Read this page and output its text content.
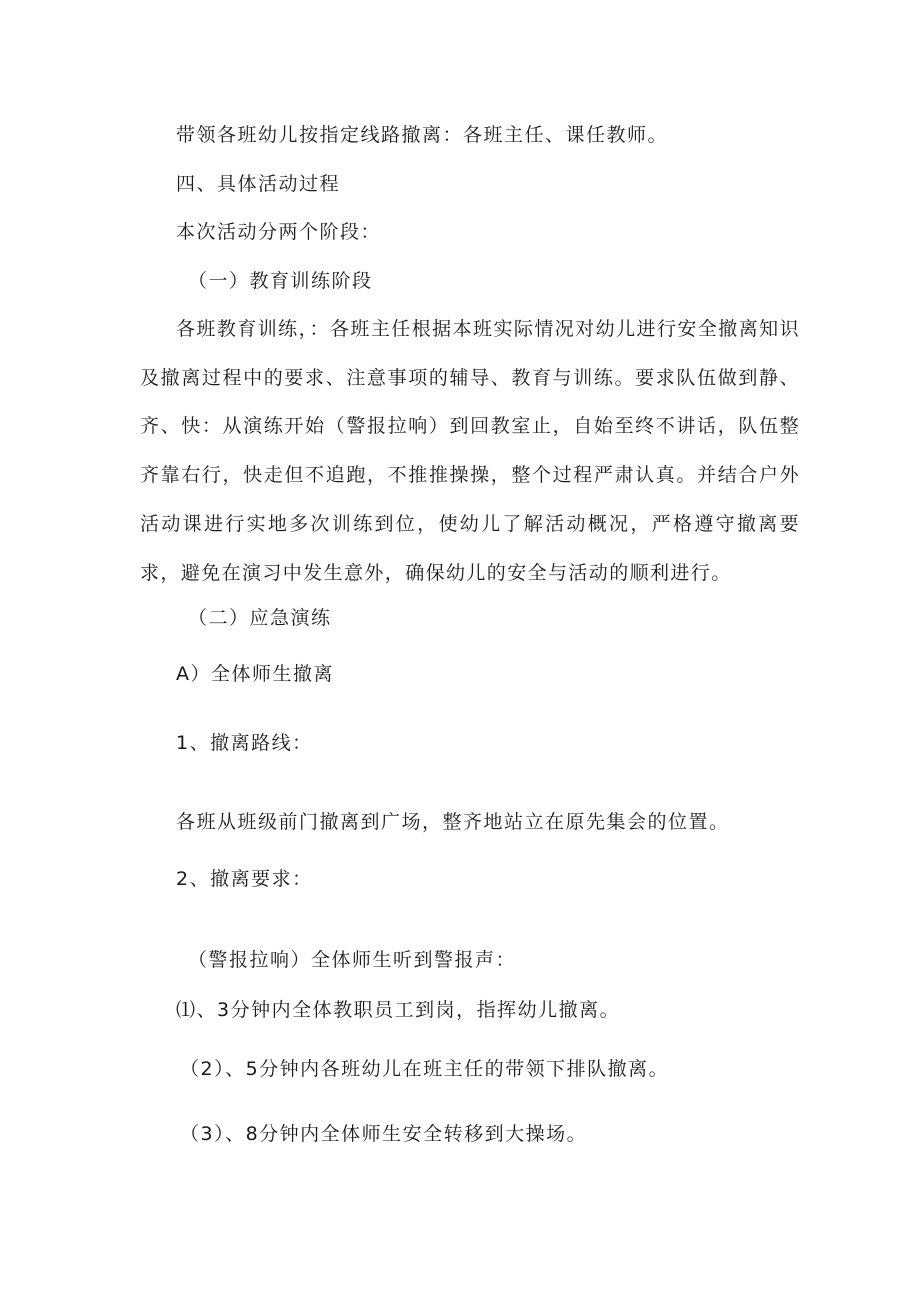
带领各班幼儿按指定线路撤离：各班主任、课任教师。
四、具体活动过程
本次活动分两个阶段：
（一）教育训练阶段
各班教育训练，：各班主任根据本班实际情况对幼儿进行安全撤离知识及撤离过程中的要求、注意事项的辅导、教育与训练。要求队伍做到静、齐、快：从演练开始（警报拉响）到回教室止，自始至终不讲话，队伍整齐靠右行，快走但不追跑，不推推操操，整个过程严肃认真。并结合户外活动课进行实地多次训练到位，使幼儿了解活动概况，严格遵守撤离要求，避免在演习中发生意外，确保幼儿的安全与活动的顺利进行。
（二）应急演练
A）全体师生撤离
1、撤离路线：
各班从班级前门撤离到广场，整齐地站立在原先集会的位置。
2、撤离要求：
（警报拉响）全体师生听到警报声：
⑴、3分钟内全体教职员工到岗，指挥幼儿撤离。
（2）、5分钟内各班幼儿在班主任的带领下排队撤离。
（3）、8分钟内全体师生安全转移到大操场。
